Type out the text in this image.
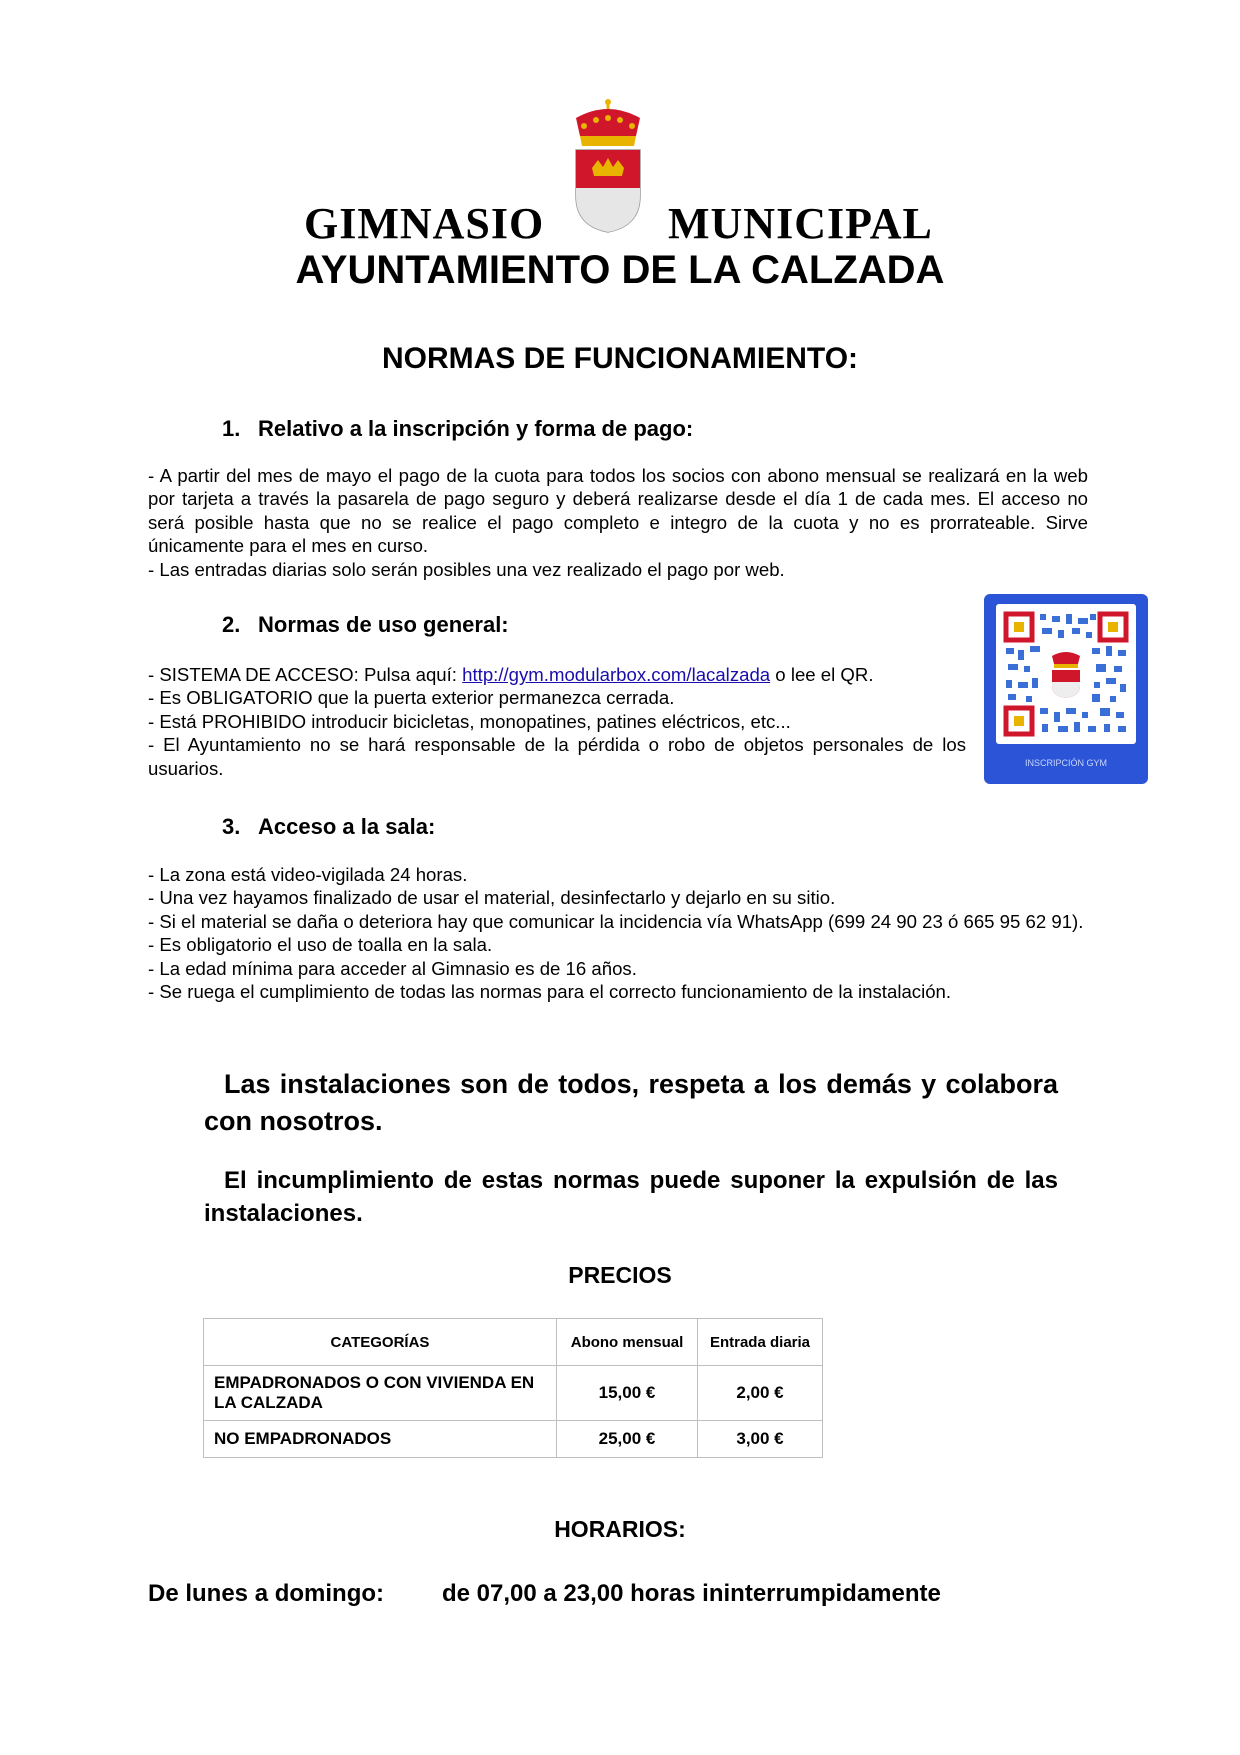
GIMNASIO	MUNICIPAL
AYUNTAMIENTO DE LA CALZADA
NORMAS DE FUNCIONAMIENTO:
1. Relativo a la inscripción y forma de pago:
- A partir del mes de mayo el pago de la cuota para todos los socios con abono mensual se realizará en la web por tarjeta a través la pasarela de pago seguro y deberá realizarse desde el día 1 de cada mes. El acceso no será posible hasta que no se realice el pago completo e integro de la cuota y no es prorrateable. Sirve únicamente para el mes en curso.
- Las entradas diarias solo serán posibles una vez realizado el pago por web.
2. Normas de uso general:
- SISTEMA DE ACCESO: Pulsa aquí: http://gym.modularbox.com/lacalzada o lee el QR.
- Es OBLIGATORIO que la puerta exterior permanezca cerrada.
- Está PROHIBIDO introducir bicicletas, monopatines, patines eléctricos, etc...
- El Ayuntamiento no se hará responsable de la pérdida o robo de objetos personales de los usuarios.	INSCRIPCIÓN GYM
3. Acceso a la sala:
- La zona está video-vigilada 24 horas.
- Una vez hayamos finalizado de usar el material, desinfectarlo y dejarlo en su sitio.
- Si el material se daña o deteriora hay que comunicar la incidencia vía WhatsApp (699 24 90 23 ó 665 95 62 91).
- Es obligatorio el uso de toalla en la sala.
- La edad mínima para acceder al Gimnasio es de 16 años.
- Se ruega el cumplimiento de todas las normas para el correcto funcionamiento de la instalación.
Las instalaciones son de todos, respeta a los demás y colabora con nosotros.
El incumplimiento de estas normas puede suponer la expulsión de las instalaciones.
PRECIOS
CATEGORÍAS	Abono mensual	Entrada diaria
EMPADRONADOS O CON VIVIENDA EN LA CALZADA	15,00 €	2,00 €
NO EMPADRONADOS	25,00 €	3,00 €
HORARIOS:
De lunes a domingo: de 07,00 a 23,00 horas ininterrumpidamente
